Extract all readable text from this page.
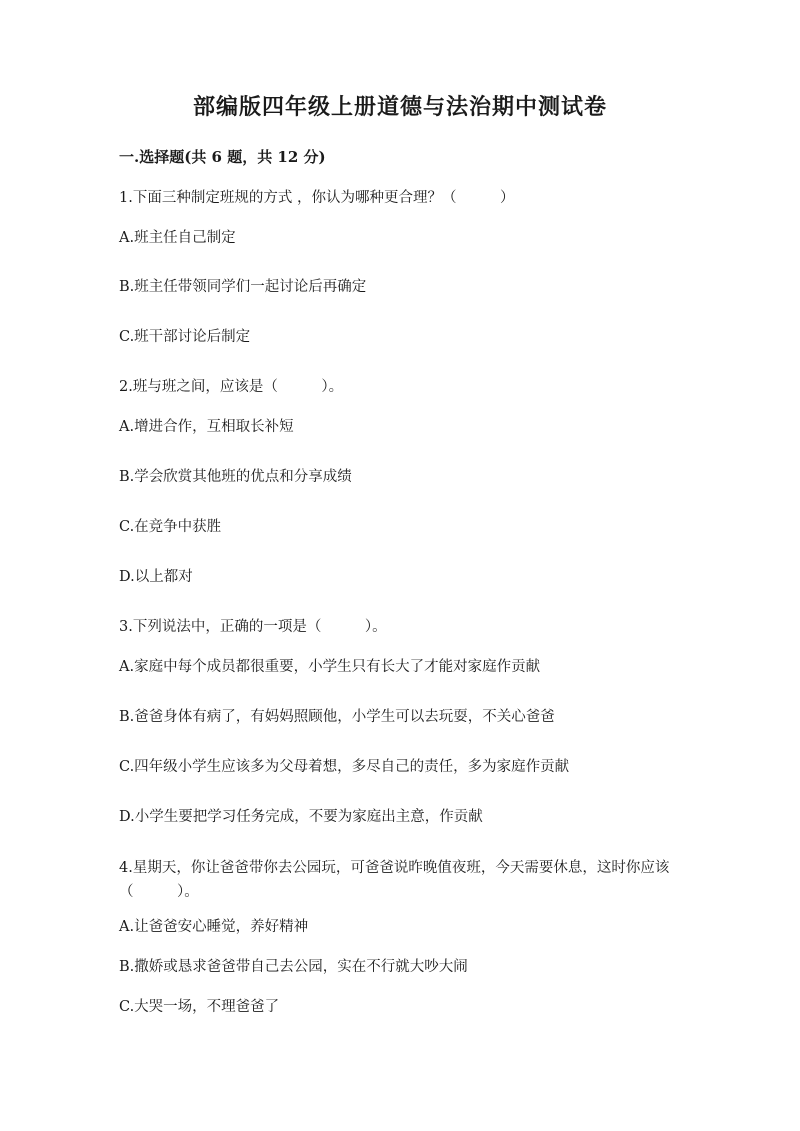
部编版四年级上册道德与法治期中测试卷
一.选择题(共 6 题，共 12 分)
1.下面三种制定班规的方式 ，你认为哪种更合理？（　　　）
A.班主任自己制定
B.班主任带领同学们一起讨论后再确定
C.班干部讨论后制定
2.班与班之间，应该是（　　　）。
A.增进合作，互相取长补短
B.学会欣赏其他班的优点和分享成绩
C.在竞争中获胜
D.以上都对
3.下列说法中，正确的一项是（　　　）。
A.家庭中每个成员都很重要，小学生只有长大了才能对家庭作贡献
B.爸爸身体有病了，有妈妈照顾他，小学生可以去玩耍，不关心爸爸
C.四年级小学生应该多为父母着想，多尽自己的责任，多为家庭作贡献
D.小学生要把学习任务完成，不要为家庭出主意，作贡献
4.星期天，你让爸爸带你去公园玩，可爸爸说昨晚值夜班，今天需要休息，这时你应该（　　　）。
A.让爸爸安心睡觉，养好精神
B.撒娇或恳求爸爸带自己去公园，实在不行就大吵大闹
C.大哭一场，不理爸爸了
